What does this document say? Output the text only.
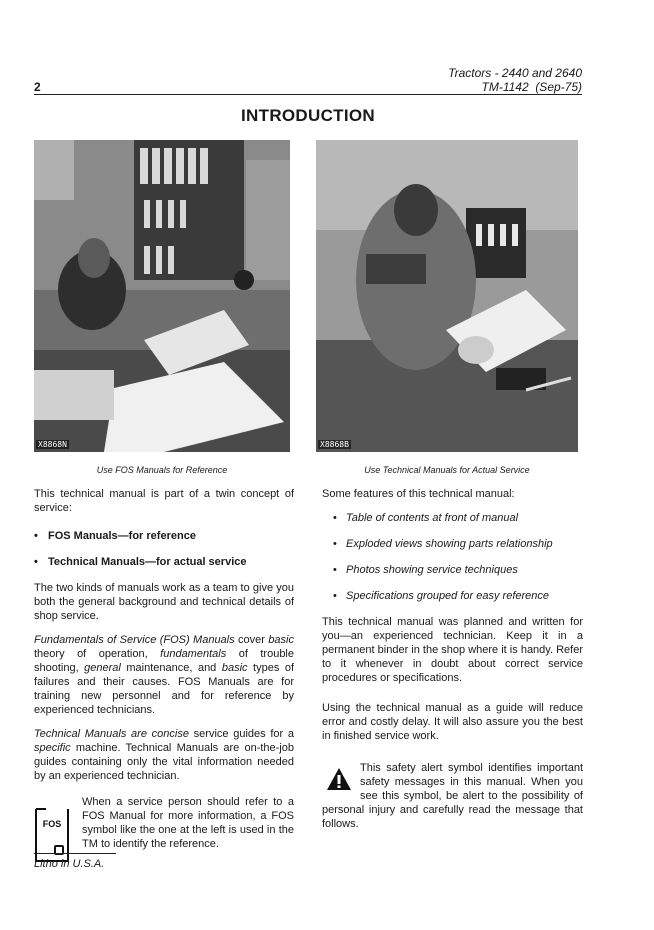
Tractors - 2440 and 2640
TM-1142 (Sep-75)
2
INTRODUCTION
X8868N	X8868B
Use FOS Manuals for Reference	Use Technical Manuals for Actual Service

This technical manual is part of a twin concept of service:

• FOS Manuals—for reference
• Technical Manuals—for actual service

The two kinds of manuals work as a team to give you both the general background and technical details of shop service.

Fundamentals of Service (FOS) Manuals cover basic theory of operation, fundamentals of trouble shooting, general maintenance, and basic types of failures and their causes. FOS Manuals are for training new personnel and for reference by experienced technicians.

Technical Manuals are concise service guides for a specific machine. Technical Manuals are on-the-job guides containing only the vital information needed by an experienced technician.

FOS

When a service person should refer to a FOS Manual for more information, a FOS symbol like the one at the left is used in the TM to identify the reference.

Some features of this technical manual:

• Table of contents at front of manual
• Exploded views showing parts relationship
• Photos showing service techniques
• Specifications grouped for easy reference

This technical manual was planned and written for you—an experienced technician. Keep it in a permanent binder in the shop where it is handy. Refer to it whenever in doubt about correct service procedures or specifications.

Using the technical manual as a guide will reduce error and costly delay. It will also assure you the best in finished service work.

This safety alert symbol identifies important safety messages in this manual. When you see this symbol, be alert to the possibility of personal injury and carefully read the message that follows.

Litho in U.S.A.
